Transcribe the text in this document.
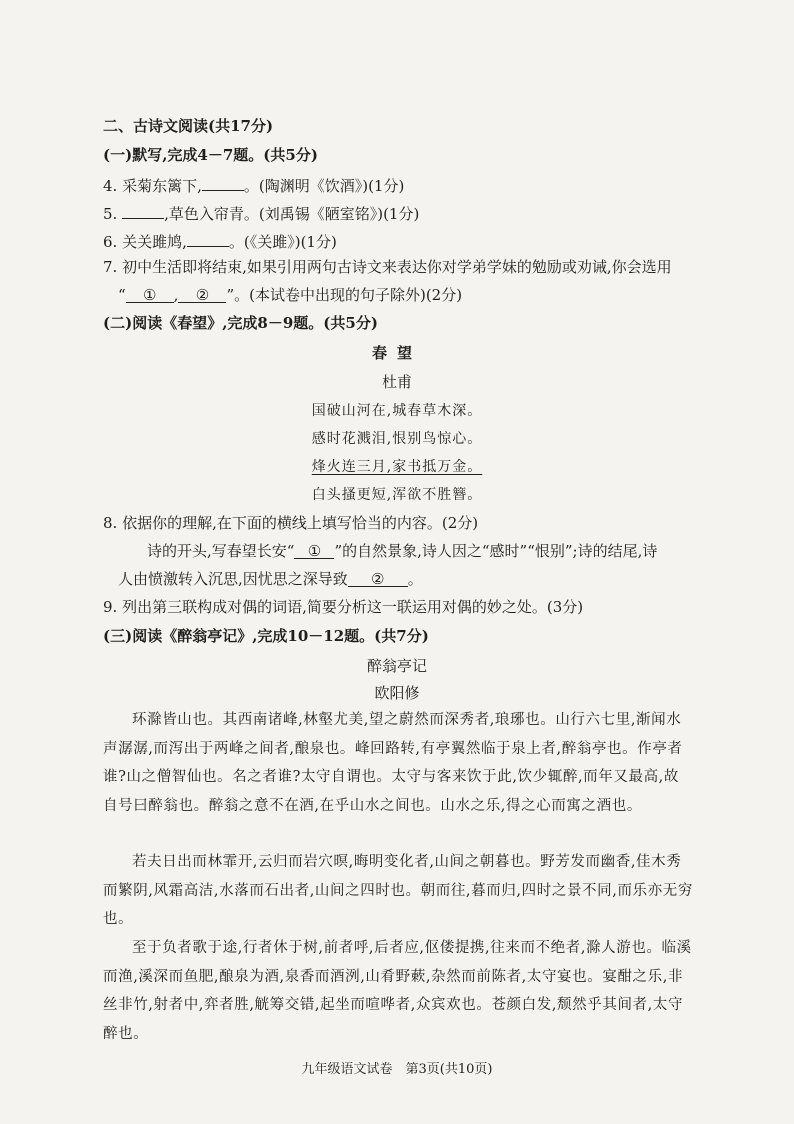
二、古诗文阅读(共17分)
(一)默写,完成4－7题。(共5分)
4. 采菊东篱下,	。(陶渊明《饮酒》)(1分)
5.	,草色入帘青。(刘禹锡《陋室铭》)(1分)
6. 关关雎鸠,	。(《关雎》)(1分)
7. 初中生活即将结束,如果引用两句古诗文来表达你对学弟学妹的勉励或劝诫,你会选用
“ ① , ② ”。(本试卷中出现的句子除外)(2分)
(二)阅读《春望》,完成8－9题。(共5分)
春望
杜甫
国破山河在,城春草木深。
感时花溅泪,恨别鸟惊心。
烽火连三月,家书抵万金。
白头搔更短,浑欲不胜簪。
8. 依据你的理解,在下面的横线上填写恰当的内容。(2分)
诗的开头,写春望长安“ ① ”的自然景象,诗人因之“感时”“恨别”;诗的结尾,诗
人由愤激转入沉思,因忧思之深导致 ② 。
9. 列出第三联构成对偶的词语,简要分析这一联运用对偶的妙之处。(3分)
(三)阅读《醉翁亭记》,完成10－12题。(共7分)
醉翁亭记
欧阳修

环滁皆山也。其西南诸峰,林壑尤美,望之蔚然而深秀者,琅琊也。山行六七里,渐闻水声潺潺,而泻出于两峰之间者,酿泉也。峰回路转,有亭翼然临于泉上者,醉翁亭也。作亭者谁?山之僧智仙也。名之者谁?太守自谓也。太守与客来饮于此,饮少辄醉,而年又最高,故自号曰醉翁也。醉翁之意不在酒,在乎山水之间也。山水之乐,得之心而寓之酒也。

若夫日出而林霏开,云归而岩穴暝,晦明变化者,山间之朝暮也。野芳发而幽香,佳木秀而繁阴,风霜高洁,水落而石出者,山间之四时也。朝而往,暮而归,四时之景不同,而乐亦无穷也。

至于负者歌于途,行者休于树,前者呼,后者应,伛偻提携,往来而不绝者,滁人游也。临溪而渔,溪深而鱼肥,酿泉为酒,泉香而酒洌,山肴野蔌,杂然而前陈者,太守宴也。宴酣之乐,非丝非竹,射者中,弈者胜,觥筹交错,起坐而喧哗者,众宾欢也。苍颜白发,颓然乎其间者,太守醉也。

九年级语文试卷　第3页(共10页)
